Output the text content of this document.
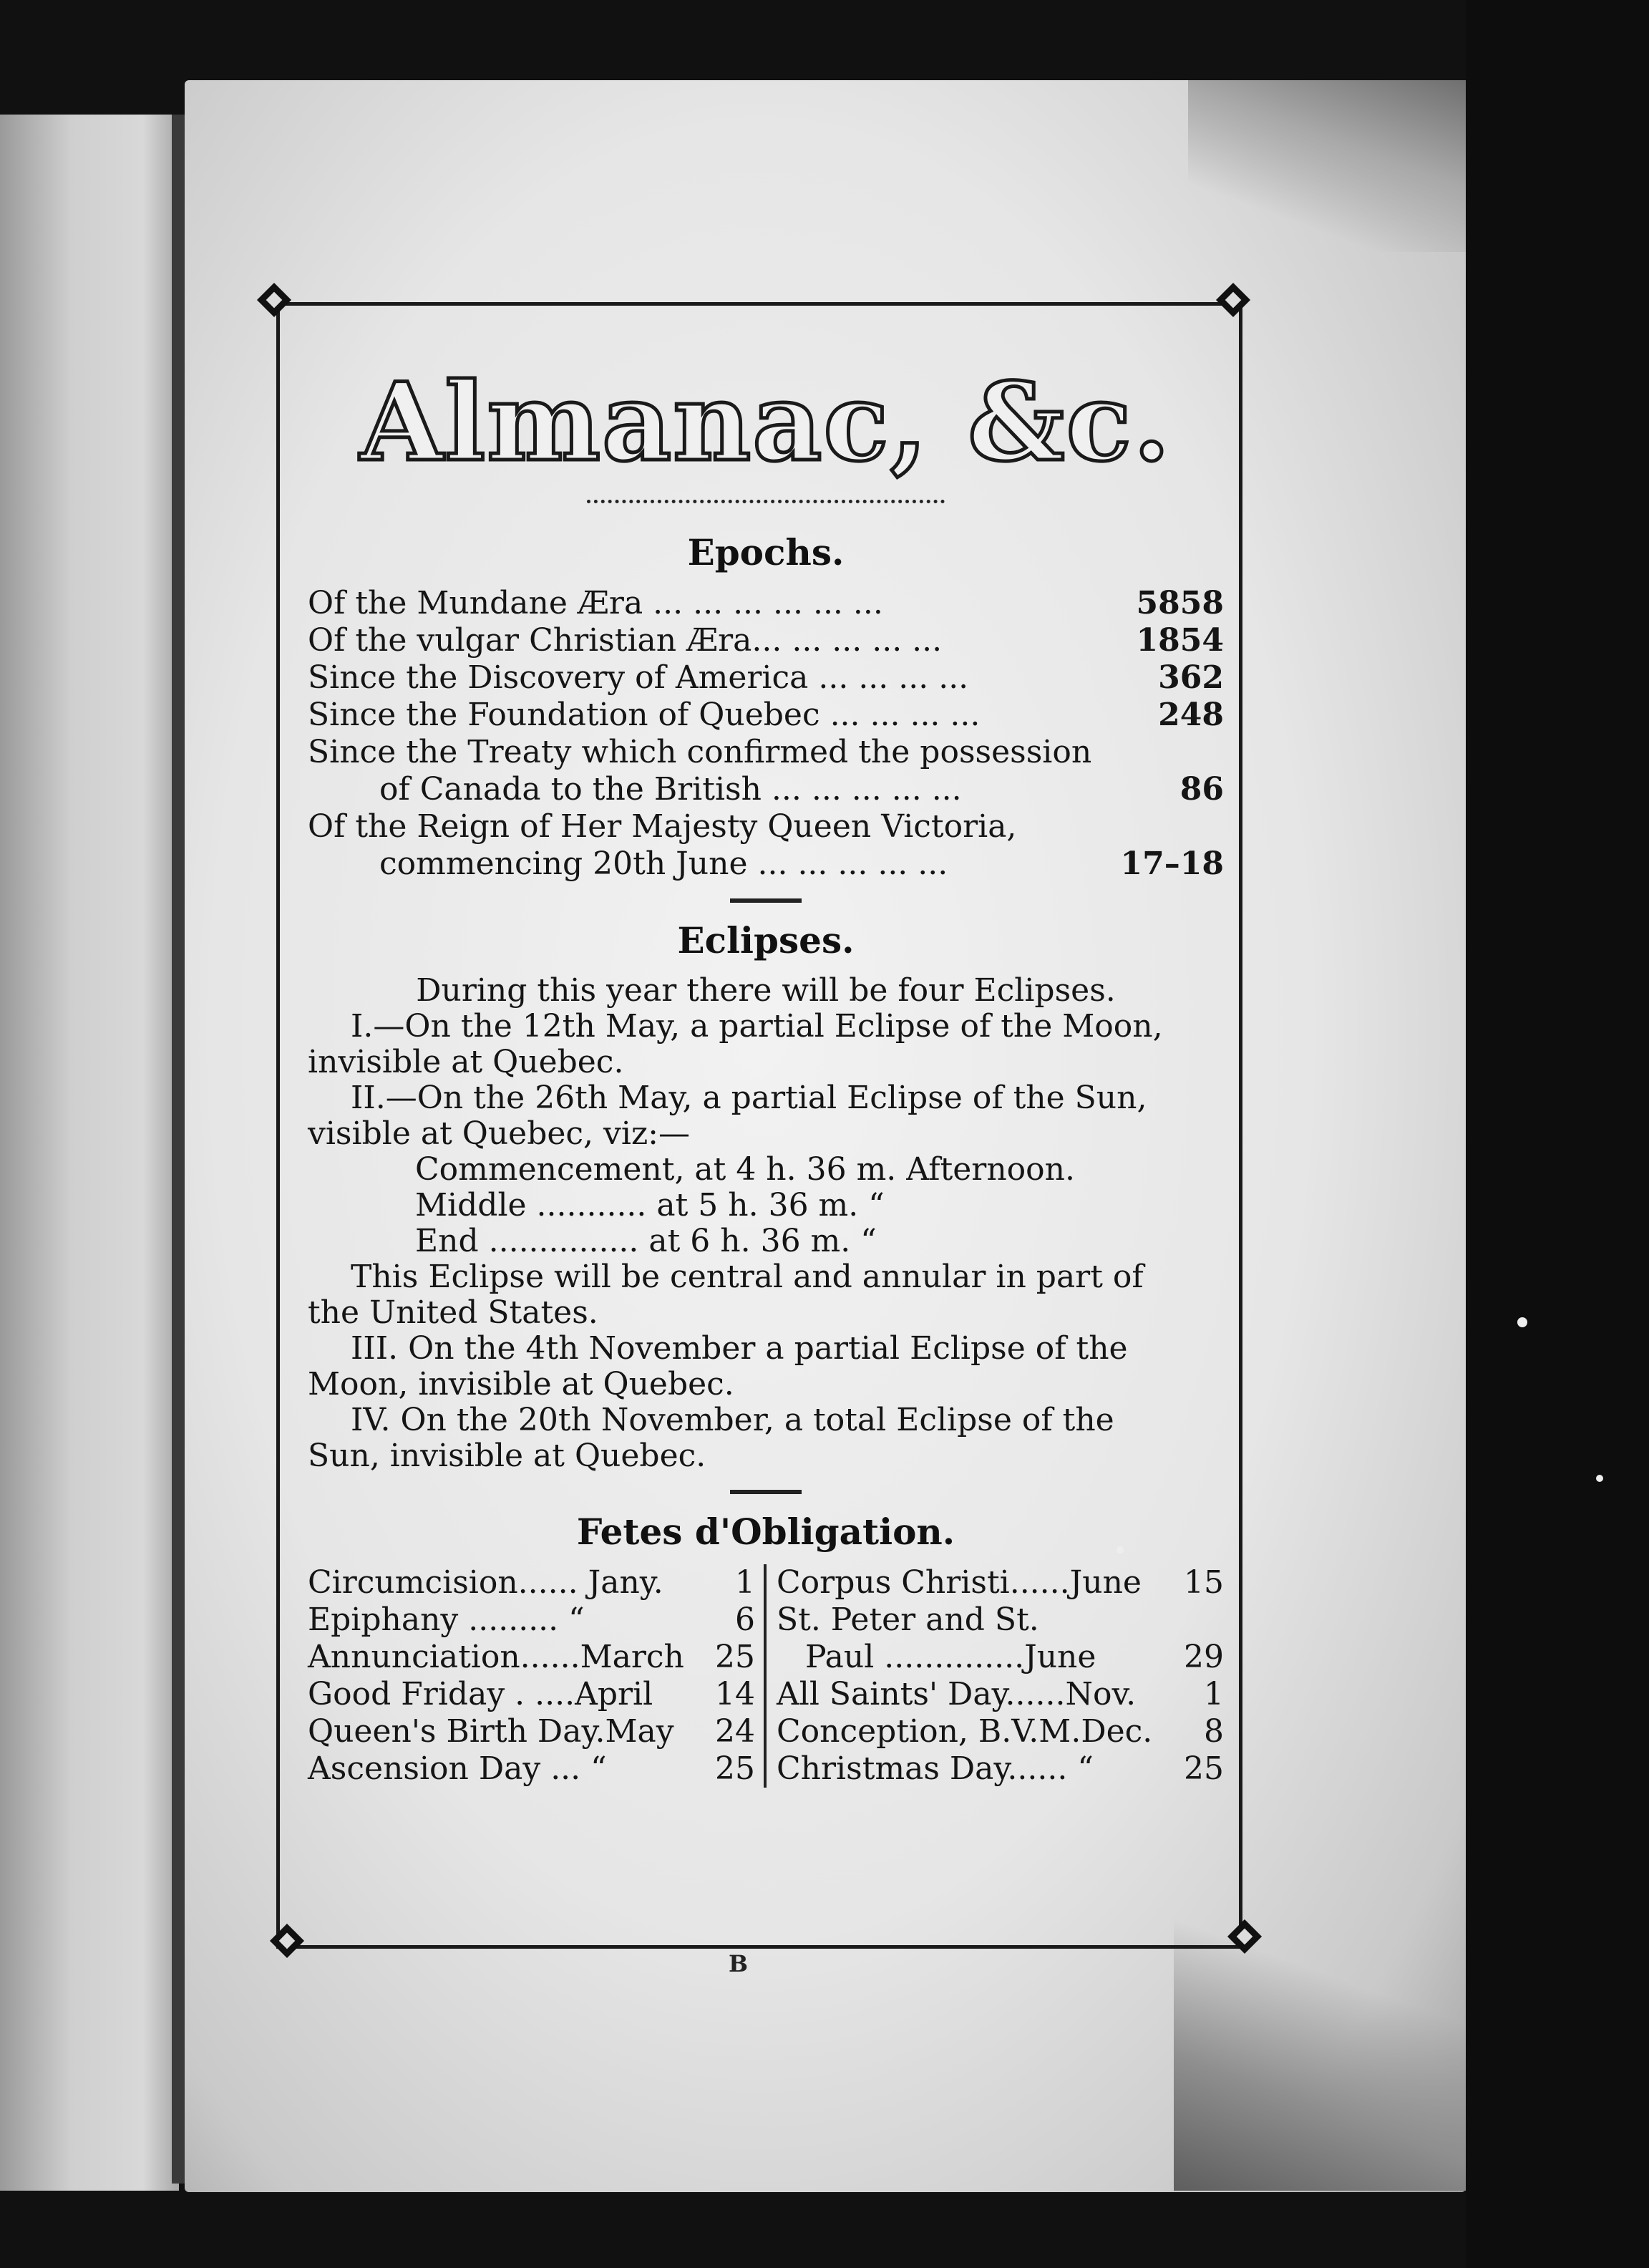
Almanac, &c.
Epochs.
Of the Mundane Æra ... ... ... ... ... ...	5858
Of the vulgar Christian Æra... ... ... ... ...	1854
Since the Discovery of America ... ... ... ...	362
Since the Foundation of Quebec ... ... ... ...	248
Since the Treaty which confirmed the possession
of Canada to the British ... ... ... ... ...	86
Of the Reign of Her Majesty Queen Victoria,
commencing 20th June ... ... ... ... ...	17–18
Eclipses.
During this year there will be four Eclipses.
I.—On the 12th May, a partial Eclipse of the Moon,
invisible at Quebec.
II.—On the 26th May, a partial Eclipse of the Sun,
visible at Quebec, viz:—
Commencement, at 4 h. 36 m. Afternoon.
Middle ........... at 5 h. 36 m. “
End ............... at 6 h. 36 m. “
This Eclipse will be central and annular in part of
the United States.
III. On the 4th November a partial Eclipse of the
Moon, invisible at Quebec.
IV. On the 20th November, a total Eclipse of the
Sun, invisible at Quebec.
Fetes d'Obligation.
Circumcision...... Jany. 1
Epiphany ......... “	6
Annunciation......March 25
Good Friday . ....April 14
Queen's Birth Day.May 24
Ascension Day ... “	25
Corpus Christi......June 15
St. Peter and St.
Paul ..............June	29
All Saints' Day......Nov. 1
Conception, B.V.M.Dec. 8
Christmas Day...... “	25
B
